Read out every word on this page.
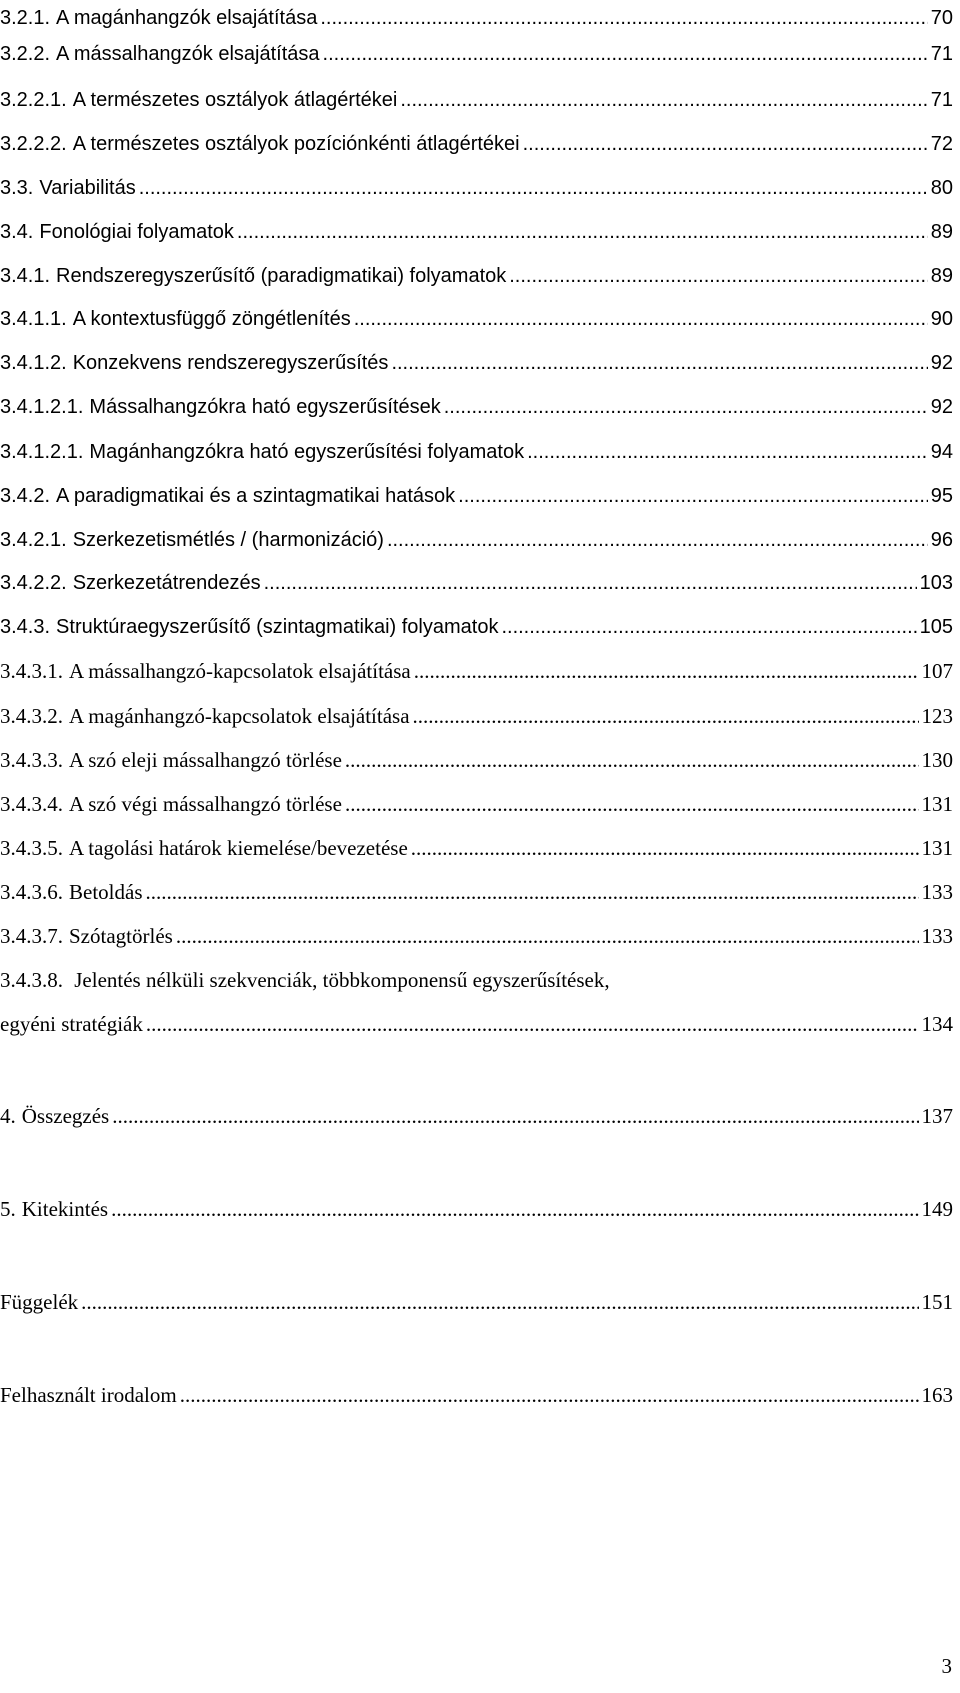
3.2.1. A magánhangzók elsajátítása .....	70
3.2.2. A mássalhangzók elsajátítása .....	71
3.2.2.1. A természetes osztályok átlagértékei .....	71
3.2.2.2. A természetes osztályok pozíciónkénti átlagértékei .....	72
3.3. Variabilitás .....	80
3.4. Fonológiai folyamatok .....	89
3.4.1. Rendszeregyszerűsítő (paradigmatikai) folyamatok .....	89
3.4.1.1. A kontextusfüggő zöngétlenítés .....	90
3.4.1.2. Konzekvens rendszeregyszerűsítés .....	92
3.4.1.2.1. Mássalhangzókra ható egyszerűsítések .....	92
3.4.1.2.1. Magánhangzókra ható egyszerűsítési folyamatok .....	94
3.4.2. A paradigmatikai és a szintagmatikai hatások .....	95
3.4.2.1. Szerkezetismétlés / (harmonizáció) .....	96
3.4.2.2. Szerkezetátrendezés .....	103
3.4.3. Struktúraegyszerűsítő (szintagmatikai) folyamatok .....	105
3.4.3.1. A mássalhangzó-kapcsolatok elsajátítása .....	107
3.4.3.2. A magánhangzó-kapcsolatok elsajátítása .....	123
3.4.3.3. A szó eleji mássalhangzó törlése .....	130
3.4.3.4. A szó végi mássalhangzó törlése .....	131
3.4.3.5. A tagolási határok kiemelése/bevezetése .....	131
3.4.3.6. Betoldás .....	133
3.4.3.7. Szótagtörlés .....	133
3.4.3.8. Jelentés nélküli szekvenciák, többkomponensű egyszerűsítések,
egyéni stratégiák .....	134
4. Összegzés .....	137
5. Kitekintés .....	149
Függelék .....	151
Felhasznált irodalom .....	163
3
